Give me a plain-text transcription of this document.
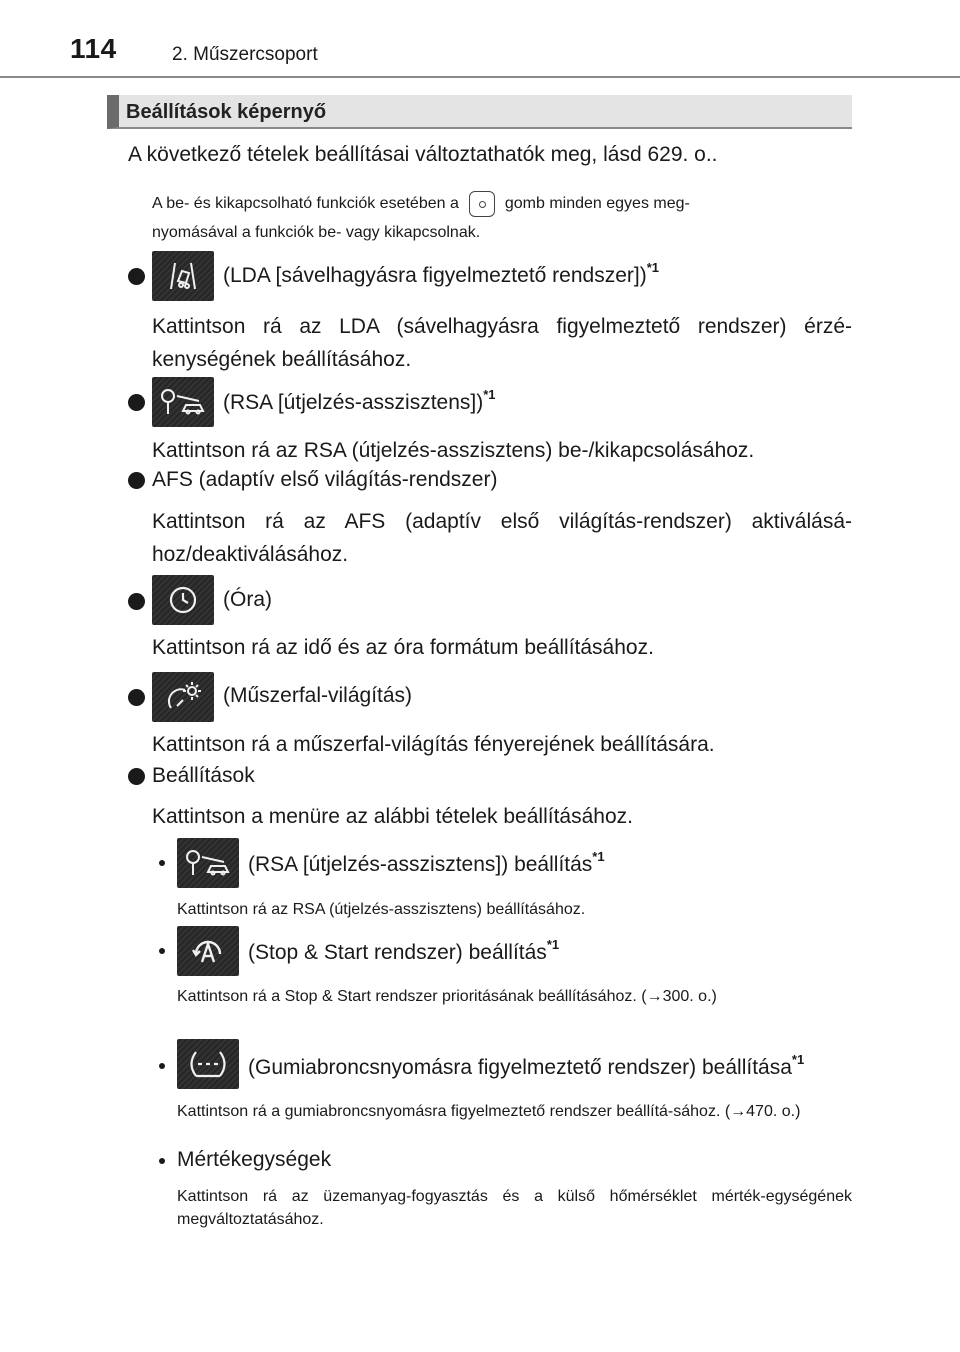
114	2. Műszercsoport
Beállítások képernyő
A következő tételek beállításai változtathatók meg, lásd 629. o..
A be- és kikapcsolható funkciók esetében a	gomb minden egyes meg-
nyomásával a funkciók be- vagy kikapcsolnak.
(LDA [sávelhagyásra figyelmeztető rendszer])$^{*1}$
Kattintson rá az LDA (sávelhagyásra figyelmeztető rendszer) érzé-kenységének beállításához.
(RSA [útjelzés-asszisztens])$^{*1}$
Kattintson rá az RSA (útjelzés-asszisztens) be-/kikapcsolásához.
AFS (adaptív első világítás-rendszer)
Kattintson rá az AFS (adaptív első világítás-rendszer) aktiválásá-hoz/deaktiválásához.
(Óra)
Kattintson rá az idő és az óra formátum beállításához.
(Műszerfal-világítás)
Kattintson rá a műszerfal-világítás fényerejének beállítására.
Beállítások
Kattintson a menüre az alábbi tételek beállításához.
(RSA [útjelzés-asszisztens]) beállítás$^{*1}$
Kattintson rá az RSA (útjelzés-asszisztens) beállításához.
(Stop & Start rendszer) beállítás$^{*1}$
Kattintson rá a Stop & Start rendszer prioritásának beállításához. (→300. o.)
(Gumiabroncsnyomásra figyelmeztető rendszer) beállítása$^{*1}$
Kattintson rá a gumiabroncsnyomásra figyelmeztető rendszer beállítá-sához. (→470. o.)
Mértékegységek
Kattintson rá az üzemanyag-fogyasztás és a külső hőmérséklet mérték-egységének megváltoztatásához.
